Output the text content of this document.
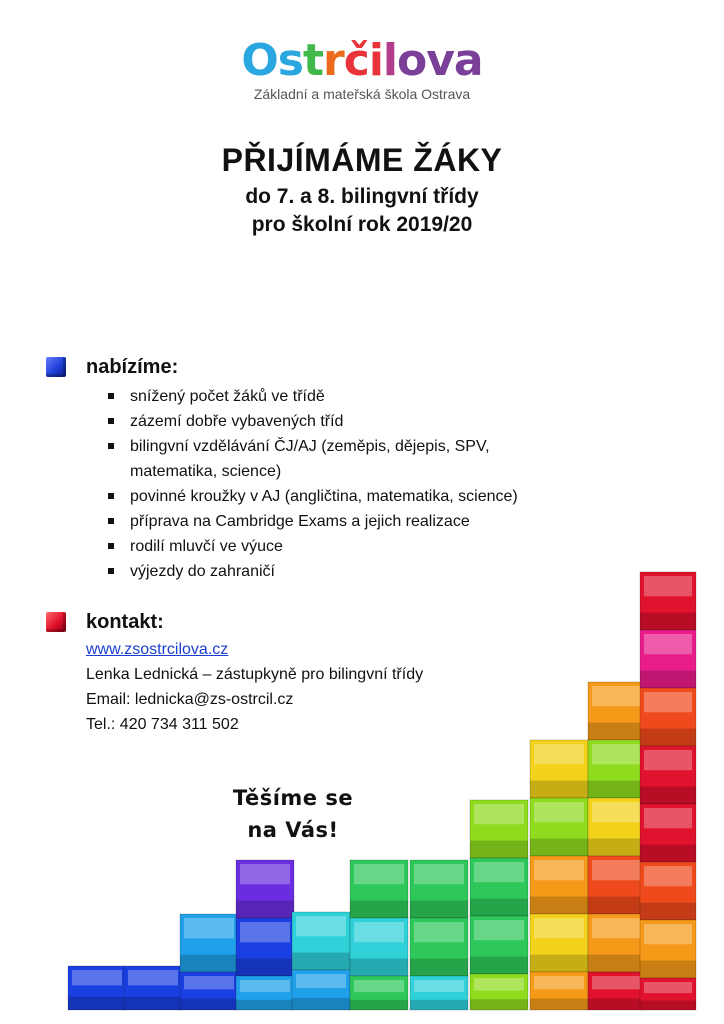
Ostrčilova
Základní a mateřská škola Ostrava
PŘIJÍMÁME ŽÁKY
do 7. a 8. bilingvní třídy
pro školní rok 2019/20
nabízíme:
snížený počet žáků ve třídě
zázemí dobře vybavených tříd
bilingvní vzdělávání ČJ/AJ (zeměpis, dějepis, SPV, matematika, science)
povinné kroužky v AJ (angličtina, matematika, science)
příprava na Cambridge Exams a jejich realizace
rodilí mluvčí ve výuce
výjezdy do zahraničí
kontakt:
www.zsostrcilova.cz
Lenka Lednická – zástupkyně pro bilingvní třídy
Email: lednicka@zs-ostrcil.cz
Tel.: 420 734 311 502
Těšíme se
na Vás!
